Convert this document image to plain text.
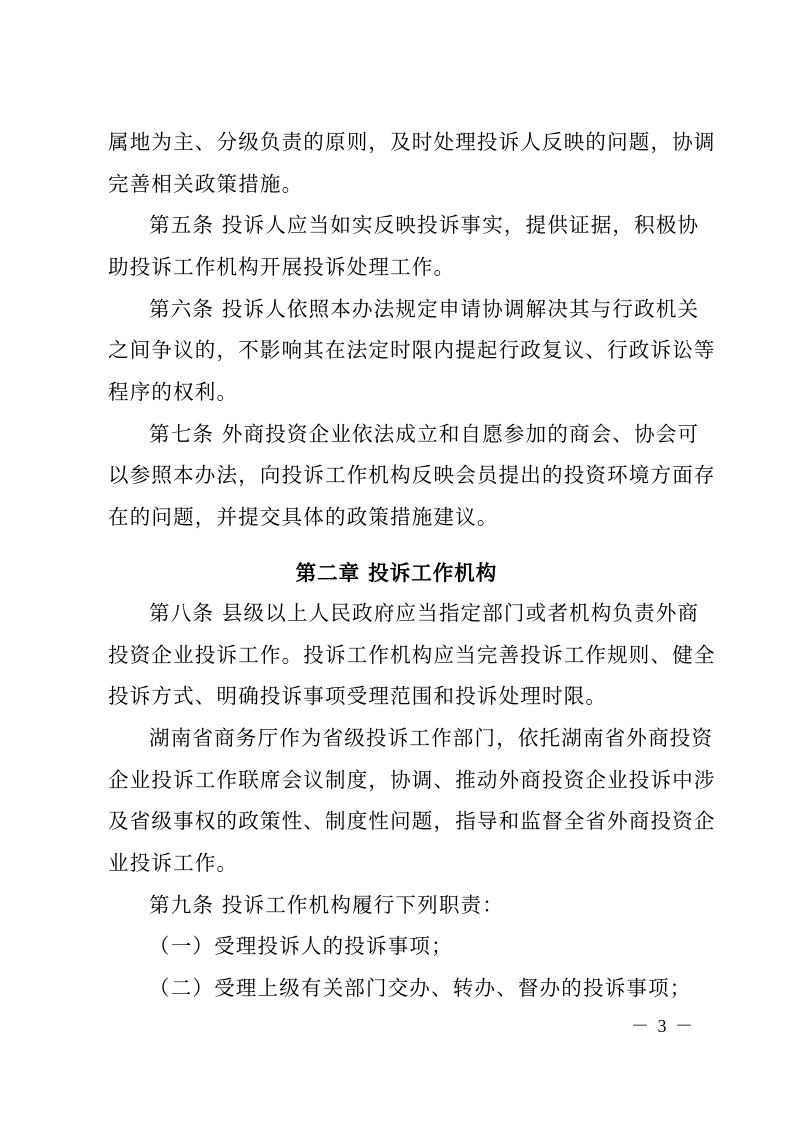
属地为主、分级负责的原则，及时处理投诉人反映的问题，协调
完善相关政策措施。
第五条 投诉人应当如实反映投诉事实，提供证据，积极协
助投诉工作机构开展投诉处理工作。
第六条 投诉人依照本办法规定申请协调解决其与行政机关
之间争议的，不影响其在法定时限内提起行政复议、行政诉讼等
程序的权利。
第七条 外商投资企业依法成立和自愿参加的商会、协会可
以参照本办法，向投诉工作机构反映会员提出的投资环境方面存
在的问题，并提交具体的政策措施建议。
第二章 投诉工作机构
第八条 县级以上人民政府应当指定部门或者机构负责外商
投资企业投诉工作。投诉工作机构应当完善投诉工作规则、健全
投诉方式、明确投诉事项受理范围和投诉处理时限。
湖南省商务厅作为省级投诉工作部门，依托湖南省外商投资
企业投诉工作联席会议制度，协调、推动外商投资企业投诉中涉
及省级事权的政策性、制度性问题，指导和监督全省外商投资企
业投诉工作。
第九条 投诉工作机构履行下列职责：
（一）受理投诉人的投诉事项；
（二）受理上级有关部门交办、转办、督办的投诉事项；
－ 3 －
